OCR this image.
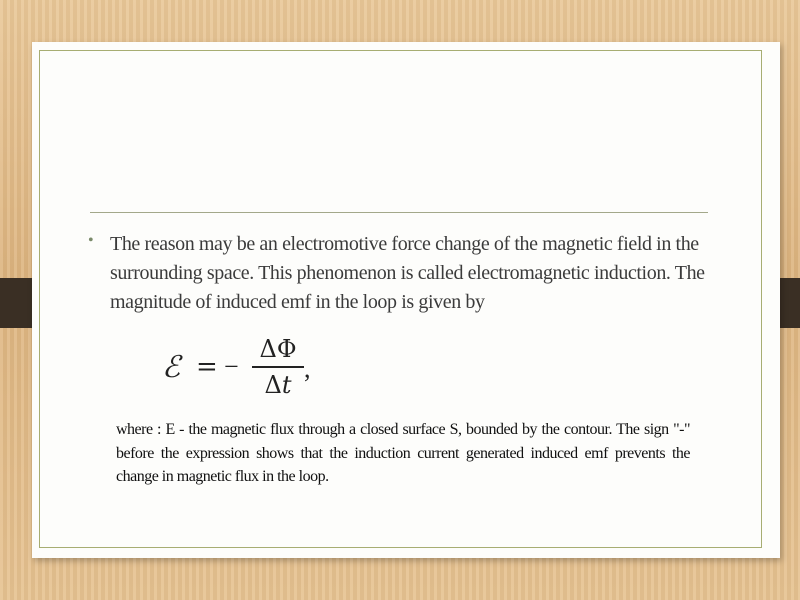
• The reason may be an electromotive force change of the magnetic field in the surrounding space. This phenomenon is called electromagnetic induction. The magnitude of induced emf in the loop is given by
ℰ = −
ΔΦ
Δt
,
where : E - the magnetic flux through a closed surface S, bounded by the contour. The sign "-" before the expression shows that the induction current generated induced emf prevents the change in magnetic flux in the loop.
